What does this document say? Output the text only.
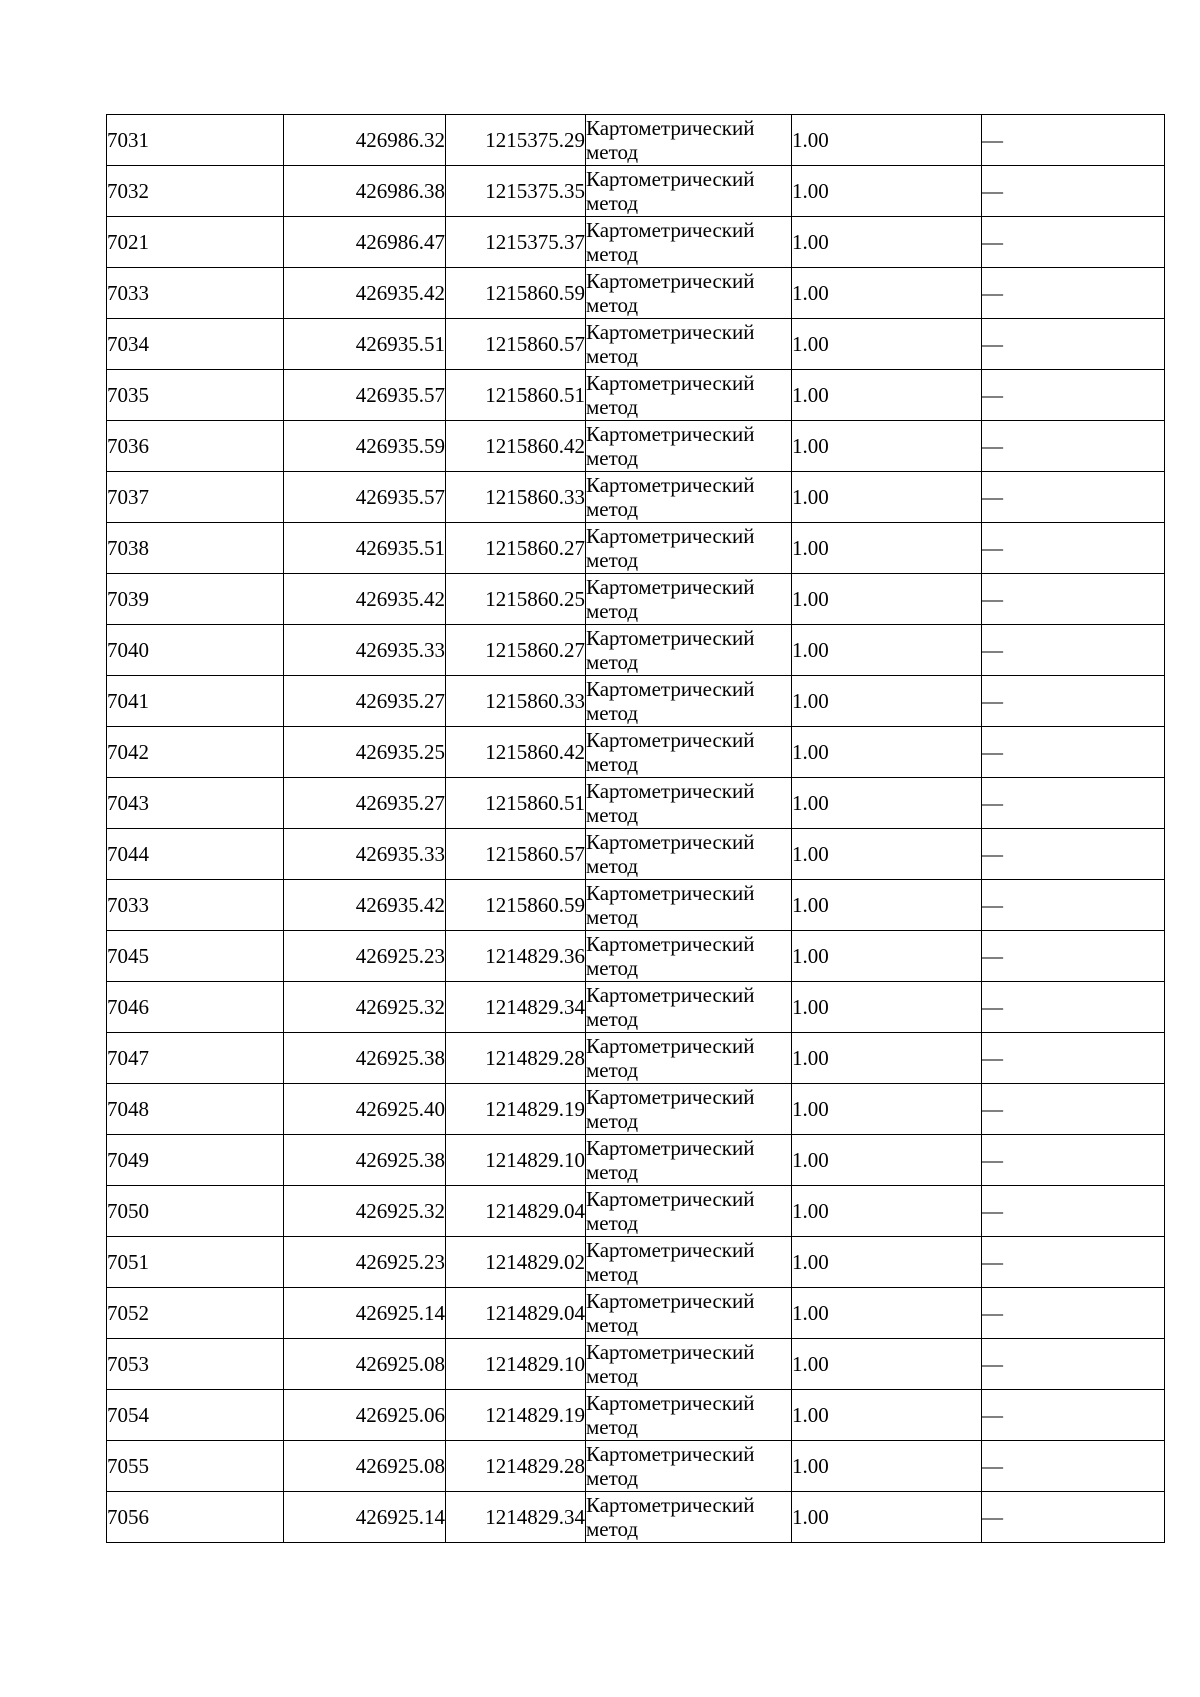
7031	426986.32	1215375.29	Картометрический
метод	1.00	—
7032	426986.38	1215375.35	Картометрический
метод	1.00	—
7021	426986.47	1215375.37	Картометрический
метод	1.00	—
7033	426935.42	1215860.59	Картометрический
метод	1.00	—
7034	426935.51	1215860.57	Картометрический
метод	1.00	—
7035	426935.57	1215860.51	Картометрический
метод	1.00	—
7036	426935.59	1215860.42	Картометрический
метод	1.00	—
7037	426935.57	1215860.33	Картометрический
метод	1.00	—
7038	426935.51	1215860.27	Картометрический
метод	1.00	—
7039	426935.42	1215860.25	Картометрический
метод	1.00	—
7040	426935.33	1215860.27	Картометрический
метод	1.00	—
7041	426935.27	1215860.33	Картометрический
метод	1.00	—
7042	426935.25	1215860.42	Картометрический
метод	1.00	—
7043	426935.27	1215860.51	Картометрический
метод	1.00	—
7044	426935.33	1215860.57	Картометрический
метод	1.00	—
7033	426935.42	1215860.59	Картометрический
метод	1.00	—
7045	426925.23	1214829.36	Картометрический
метод	1.00	—
7046	426925.32	1214829.34	Картометрический
метод	1.00	—
7047	426925.38	1214829.28	Картометрический
метод	1.00	—
7048	426925.40	1214829.19	Картометрический
метод	1.00	—
7049	426925.38	1214829.10	Картометрический
метод	1.00	—
7050	426925.32	1214829.04	Картометрический
метод	1.00	—
7051	426925.23	1214829.02	Картометрический
метод	1.00	—
7052	426925.14	1214829.04	Картометрический
метод	1.00	—
7053	426925.08	1214829.10	Картометрический
метод	1.00	—
7054	426925.06	1214829.19	Картометрический
метод	1.00	—
7055	426925.08	1214829.28	Картометрический
метод	1.00	—
7056	426925.14	1214829.34	Картометрический
метод	1.00	—
